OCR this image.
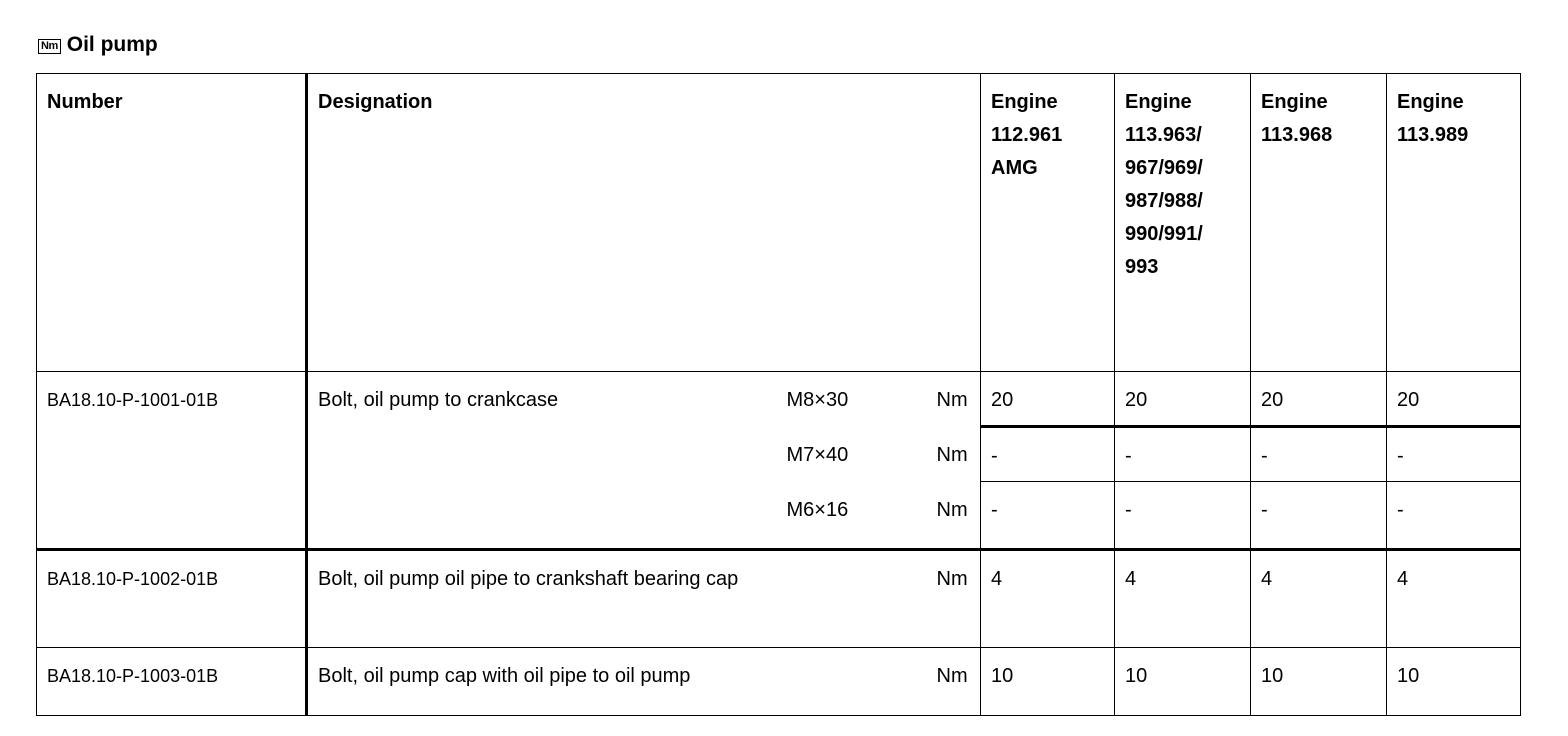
Nm Oil pump
Number	Designation			Engine 112.961 AMG	Engine 113.963/ 967/969/ 987/988/ 990/991/ 993	Engine 113.968	Engine 113.989
BA18.10-P-1001-01B	Bolt, oil pump to crankcase	M8×30	Nm	20	20	20	20
		M7×40	Nm	-	-	-	-
		M6×16	Nm	-	-	-	-
BA18.10-P-1002-01B	Bolt, oil pump oil pipe to crankshaft bearing cap		Nm	4	4	4	4
BA18.10-P-1003-01B	Bolt, oil pump cap with oil pipe to oil pump		Nm	10	10	10	10
